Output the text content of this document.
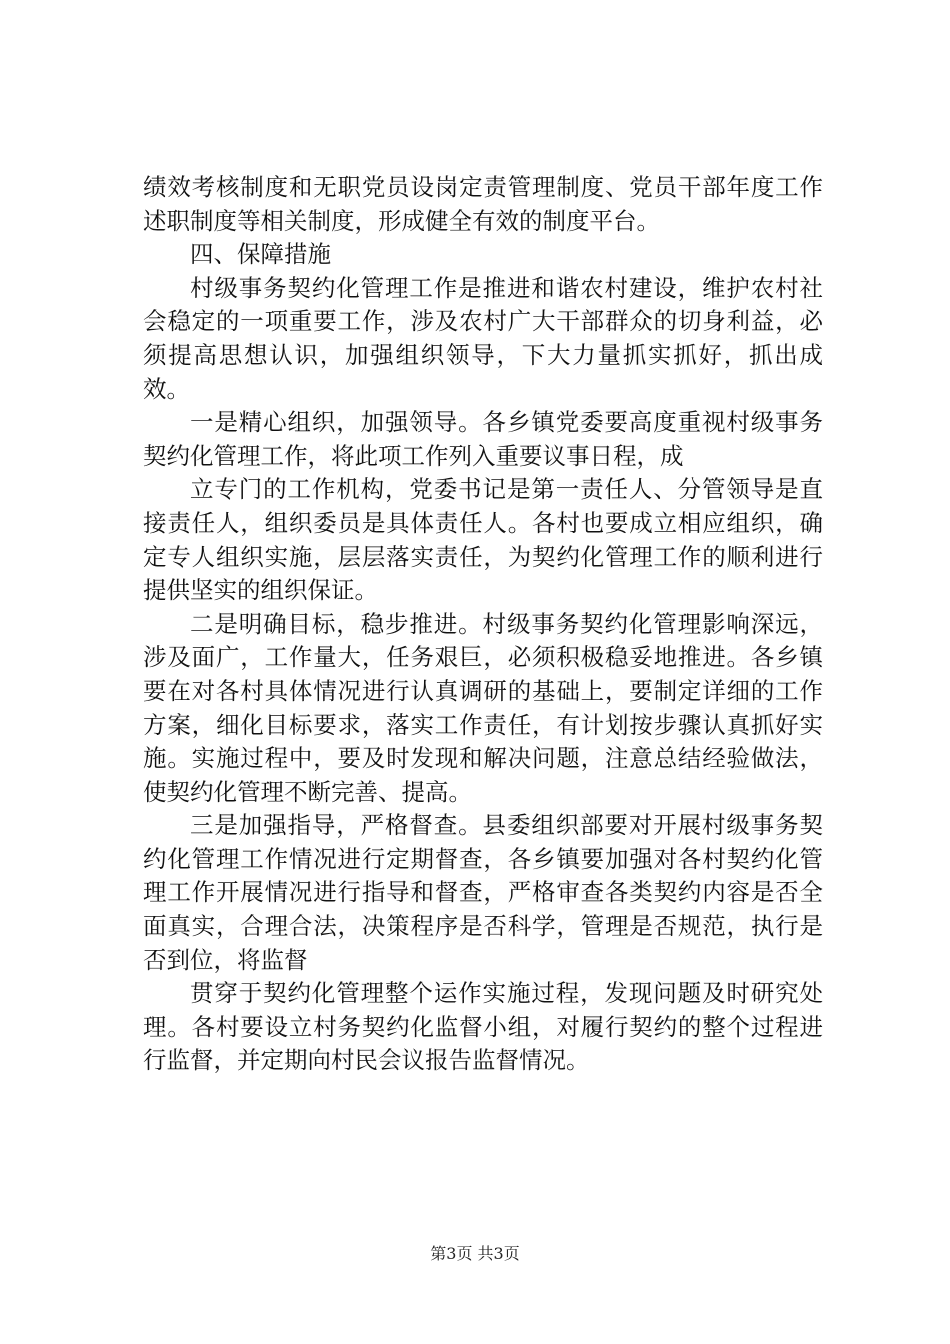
绩效考核制度和无职党员设岗定责管理制度、党员干部年度工作述职制度等相关制度，形成健全有效的制度平台。

四、保障措施

村级事务契约化管理工作是推进和谐农村建设，维护农村社会稳定的一项重要工作，涉及农村广大干部群众的切身利益，必须提高思想认识，加强组织领导，下大力量抓实抓好，抓出成效。

一是精心组织，加强领导。各乡镇党委要高度重视村级事务契约化管理工作，将此项工作列入重要议事日程，成

立专门的工作机构，党委书记是第一责任人、分管领导是直接责任人，组织委员是具体责任人。各村也要成立相应组织，确定专人组织实施，层层落实责任，为契约化管理工作的顺利进行提供坚实的组织保证。

二是明确目标，稳步推进。村级事务契约化管理影响深远，涉及面广，工作量大，任务艰巨，必须积极稳妥地推进。各乡镇要在对各村具体情况进行认真调研的基础上，要制定详细的工作方案，细化目标要求，落实工作责任，有计划按步骤认真抓好实施。实施过程中，要及时发现和解决问题，注意总结经验做法，使契约化管理不断完善、提高。

三是加强指导，严格督查。县委组织部要对开展村级事务契约化管理工作情况进行定期督查，各乡镇要加强对各村契约化管理工作开展情况进行指导和督查，严格审查各类契约内容是否全面真实，合理合法，决策程序是否科学，管理是否规范，执行是否到位，将监督

贯穿于契约化管理整个运作实施过程，发现问题及时研究处理。各村要设立村务契约化监督小组，对履行契约的整个过程进行监督，并定期向村民会议报告监督情况。

第3页 共3页
